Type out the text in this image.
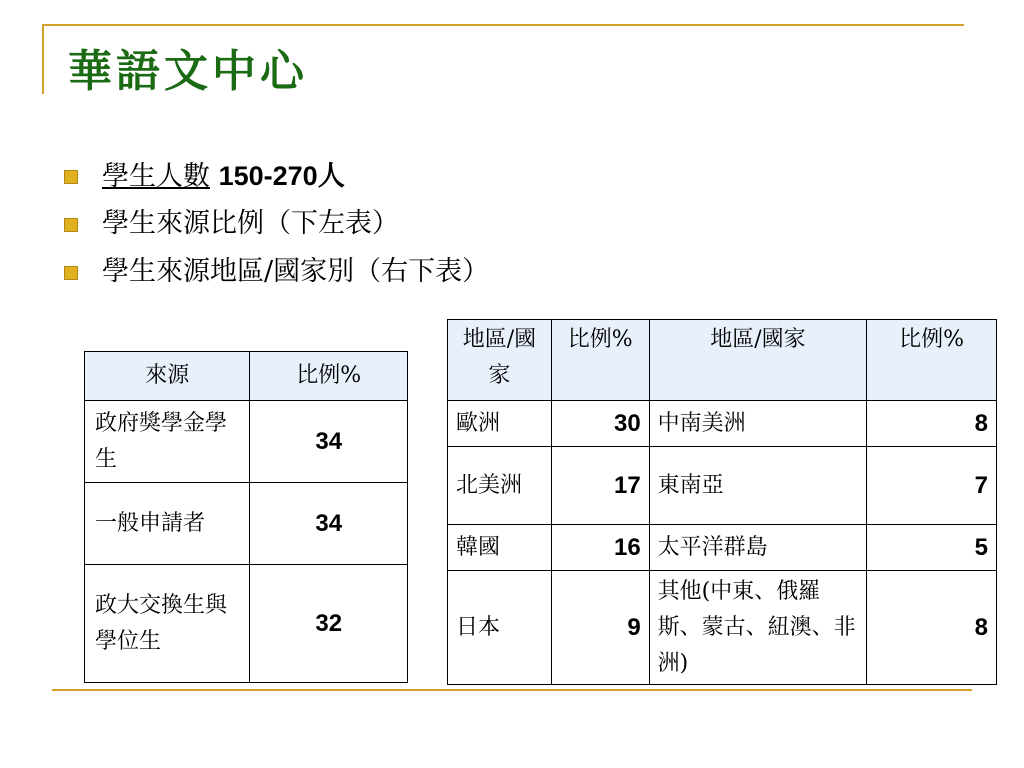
華語文中心
學生人數 150-270人
學生來源比例（下左表）
學生來源地區/國家別（右下表）
來源	比例%
政府獎學金學生	34
一般申請者	34
政大交換生與學位生	32
地區/國家	比例%	地區/國家	比例%
歐洲	30	中南美洲	8
北美洲	17	東南亞	7
韓國	16	太平洋群島	5
日本	9	其他(中東、俄羅斯、蒙古、紐澳、非洲)	8
